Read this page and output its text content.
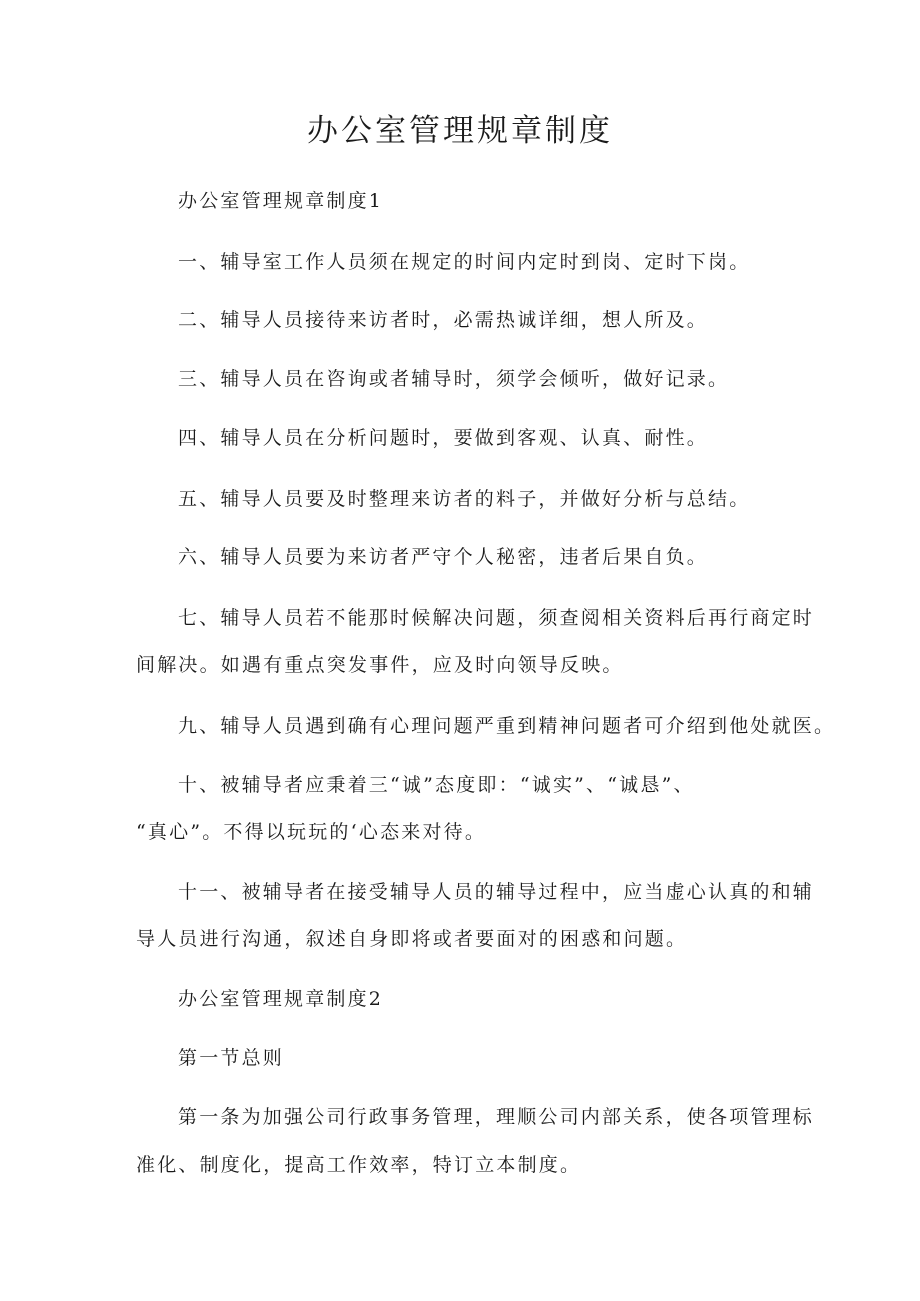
办公室管理规章制度

办公室管理规章制度1

一、辅导室工作人员须在规定的时间内定时到岗、定时下岗。

二、辅导人员接待来访者时，必需热诚详细，想人所及。

三、辅导人员在咨询或者辅导时，须学会倾听，做好记录。

四、辅导人员在分析问题时，要做到客观、认真、耐性。

五、辅导人员要及时整理来访者的料子，并做好分析与总结。

六、辅导人员要为来访者严守个人秘密，违者后果自负。

七、辅导人员若不能那时候解决问题，须查阅相关资料后再行商定时

间解决。如遇有重点突发事件，应及时向领导反映。

九、辅导人员遇到确有心理问题严重到精神问题者可介绍到他处就医。

十、被辅导者应秉着三“诚”态度即：“诚实”、“诚恳”、

“真心”。不得以玩玩的‘心态来对待。

十一、被辅导者在接受辅导人员的辅导过程中，应当虚心认真的和辅

导人员进行沟通，叙述自身即将或者要面对的困惑和问题。

办公室管理规章制度2

第一节总则

第一条为加强公司行政事务管理，理顺公司内部关系，使各项管理标

准化、制度化，提高工作效率，特订立本制度。
